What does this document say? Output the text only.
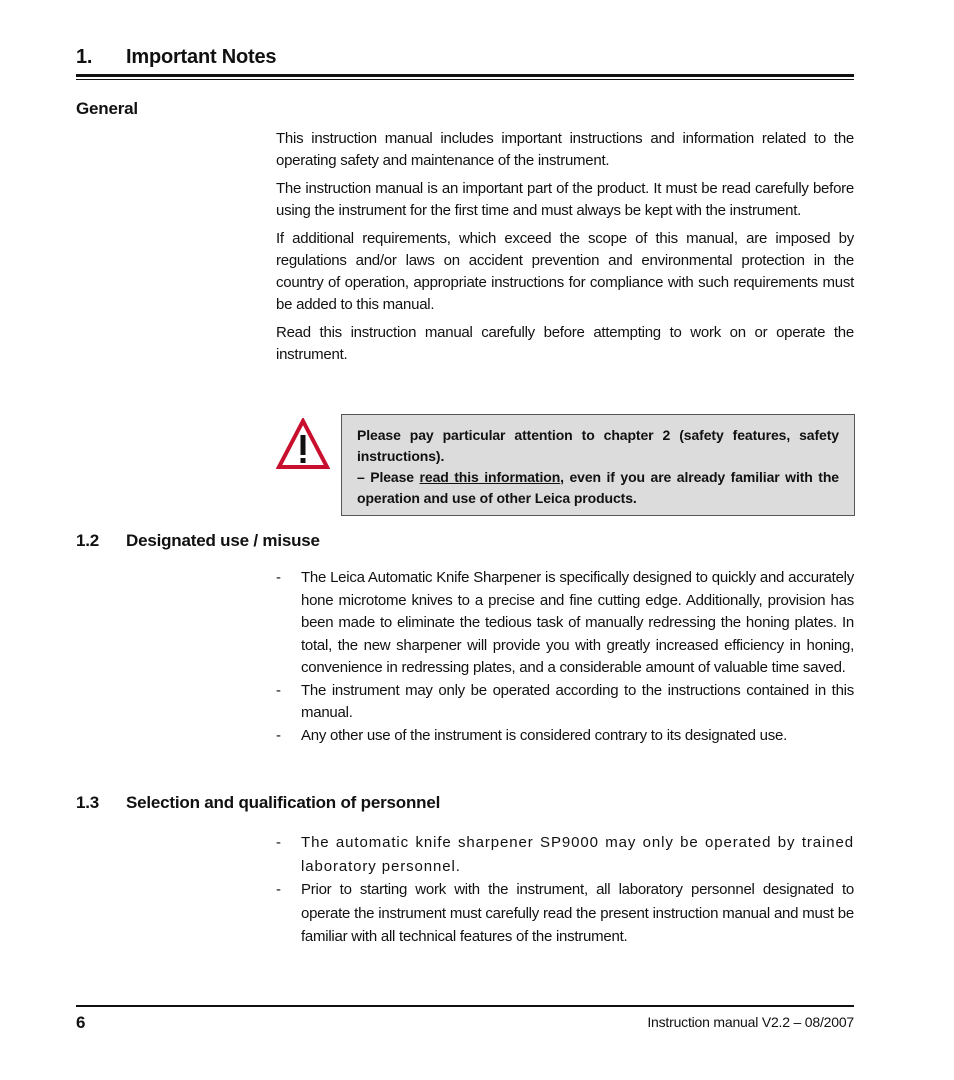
1. Important Notes
General

This instruction manual includes important instructions and information related to the operating safety and maintenance of the instrument.

The instruction manual is an important part of the product. It must be read carefully before using the instrument for the first time and must always be kept with the instrument.

If additional requirements, which exceed the scope of this manual, are imposed by regulations and/or laws on accident prevention and environmental protection in the country of operation, appropriate instructions for compliance with such requirements must be added to this manual.

Read this instruction manual carefully before attempting to work on or operate the instrument.

Please pay particular attention to chapter 2 (safety features, safety instructions).
– Please read this information, even if you are already familiar with the operation and use of other Leica products.
1.2 Designated use / misuse
- The Leica Automatic Knife Sharpener is specifically designed to quickly and accurately hone microtome knives to a precise and fine cutting edge. Additionally, provision has been made to eliminate the tedious task of manually redressing the honing plates. In total, the new sharpener will provide you with greatly increased efficiency in honing, convenience in redressing plates, and a considerable amount of valuable time saved.
- The instrument may only be operated according to the instructions contained in this manual.
- Any other use of the instrument is considered contrary to its designated use.
1.3 Selection and qualification of personnel
- The automatic knife sharpener SP9000 may only be operated by trained laboratory personnel.
- Prior to starting work with the instrument, all laboratory personnel designated to operate the instrument must carefully read the present instruction manual and must be familiar with all technical features of the instrument.
6	Instruction manual V2.2 – 08/2007
